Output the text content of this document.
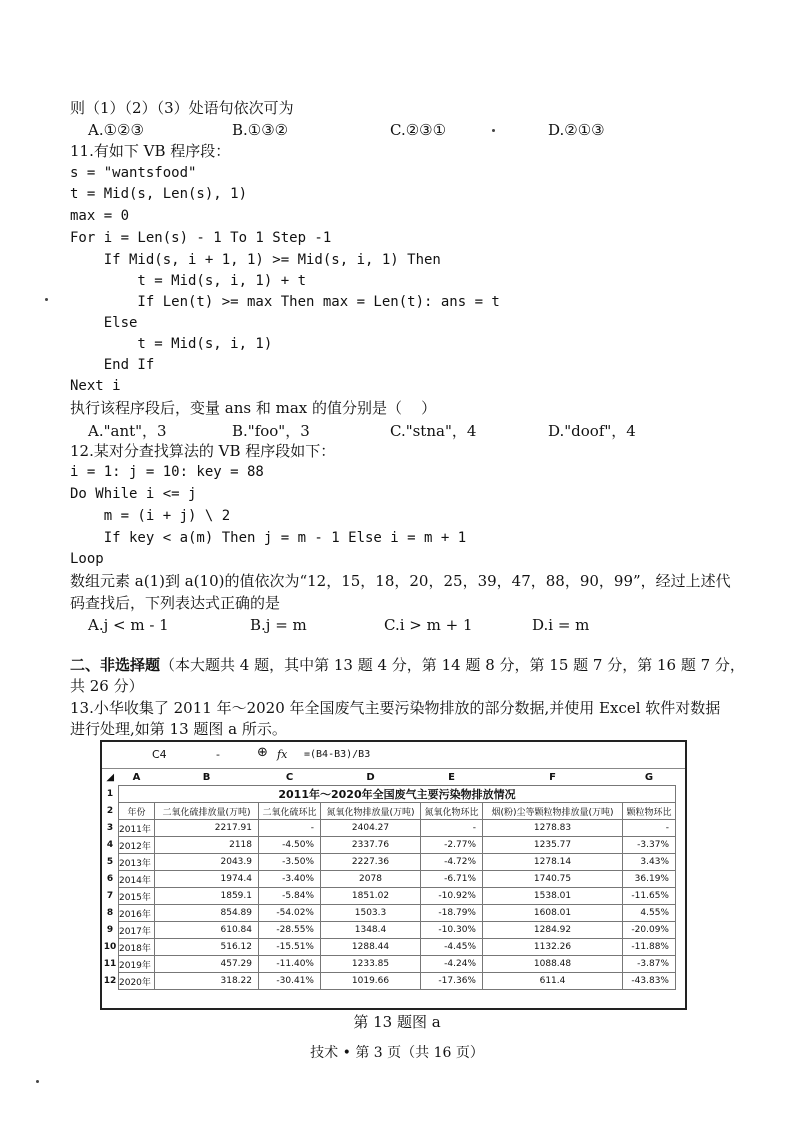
则（1）（2）（3）处语句依次可为
A.①②③	B.①③②	C.②③①	D.②①③
11.有如下 VB 程序段：
s = "wantsfood"
t = Mid(s, Len(s), 1)
max = 0
For i = Len(s) - 1 To 1 Step -1
If Mid(s, i + 1, 1) >= Mid(s, i, 1) Then
t = Mid(s, i, 1) + t
If Len(t) >= max Then max = Len(t): ans = t
Else
t = Mid(s, i, 1)
End If
Next i
执行该程序段后，变量 ans 和 max 的值分别是（    ）
A."ant"，3	B."foo"，3	C."stna"，4	D."doof"，4
12.某对分查找算法的 VB 程序段如下：
i = 1: j = 10: key = 88
Do While i <= j
m = (i + j) \ 2
If key < a(m) Then j = m - 1 Else i = m + 1
Loop
数组元素 a(1)到 a(10)的值依次为“12，15，18，20，25，39，47，88，90，99”，经过上述代
码查找后，下列表达式正确的是
A.j < m - 1	B.j = m	C.i > m + 1	D.i = m
二、非选择题（本大题共 4 题，其中第 13 题 4 分，第 14 题 8 分，第 15 题 7 分，第 16 题 7 分，
共 26 分）
13.小华收集了 2011 年～2020 年全国废气主要污染物排放的部分数据,并使用 Excel 软件对数据
进行处理,如第 13 题图 a 所示。
C4	-	⊕ fx =(B4-B3)/B3
◢	A	B	C	D	E	F	G
1	2011年～2020年全国废气主要污染物排放情况						
2	年份	二氧化硫排放量(万吨)	二氧化硫环比	氮氧化物排放量(万吨)	氮氧化物环比	烟(粉)尘等颗粒物排放量(万吨)	颗粒物环比
3	2011年	2217.91	-	2404.27	-	1278.83	-
4	2012年	2118	-4.50%	2337.76	-2.77%	1235.77	-3.37%
5	2013年	2043.9	-3.50%	2227.36	-4.72%	1278.14	3.43%
6	2014年	1974.4	-3.40%	2078	-6.71%	1740.75	36.19%
7	2015年	1859.1	-5.84%	1851.02	-10.92%	1538.01	-11.65%
8	2016年	854.89	-54.02%	1503.3	-18.79%	1608.01	4.55%
9	2017年	610.84	-28.55%	1348.4	-10.30%	1284.92	-20.09%
10	2018年	516.12	-15.51%	1288.44	-4.45%	1132.26	-11.88%
11	2019年	457.29	-11.40%	1233.85	-4.24%	1088.48	-3.87%
12	2020年	318.22	-30.41%	1019.66	-17.36%	611.4	-43.83%
第 13 题图 a
技术 • 第 3 页（共 16 页）
